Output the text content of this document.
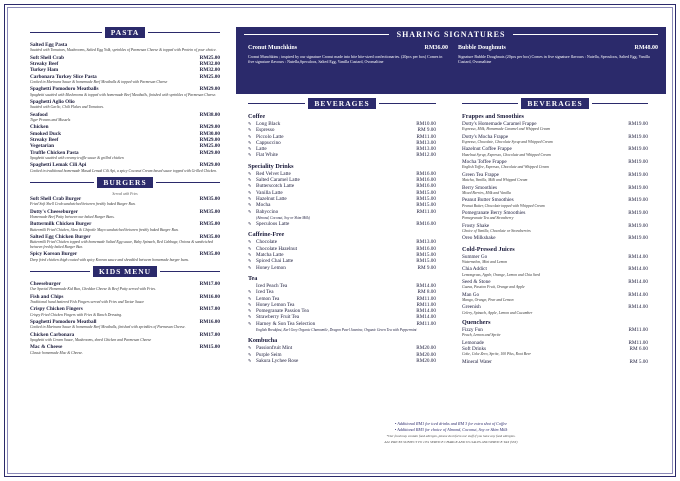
PASTA
Salted Egg Pasta
Sautéed with Tomatoes, Mushrooms, Salted Egg Yolk, sprinkles of Parmesan Cheese & topped with Protein of your choice.
Soft Shell Crab	RM25.00
Streaky Beef	RM32.00
Turkey Ham	RM32.00
Carbonara Turkey Slice Pasta	RM25.00
Cooked in Marinara Sauce & homemade Beef Meatballs & topped with Parmesan Cheese
Spaghetti Pomodoro Meatballs	RM29.00
Spaghetti sautéed with Mushrooms & topped with homemade Beef Meatballs, finished with sprinkles of Parmesan Cheese.
Spaghetti Aglio Olio
Sautéed with Garlic, Chili Flakes and Tomatoes.
Seafood	RM38.00
Tiger Prawns and Mussels
Chicken	RM29.00
Smoked Duck	RM30.00
Streaky Beef	RM29.00
Vegetarian	RM25.00
Truffle Chicken Pasta	RM29.00
Spaghetti sautéed with creamy truffle sauce & grilled chicken
Spaghetti Lemak Cili Api	RM29.00
Cooked in traditional homemade Masak Lemak Cili Api, a spicy Coconut Cream based sauce topped with Grilled Chicken.
BURGERS
Served with Fries
Soft Shell Crab Burger	RM35.00
Fried Soft Shell Crab sandwiched between freshly baked Burger Bun.
Dotty's Cheeseburger	RM35.00
Homemade Beef Patty between our baked Burger Buns.
Buttermilk Chicken Burger	RM35.00
Buttermilk Fried Chicken, Slaw & Chipotle Mayo sandwiched between freshly baked Burger Bun.
Salted Egg Chicken Burger	RM35.00
Buttermilk Fried Chicken topped with homemade Salted Egg sauce, Baby Spinach, Red Cabbage, Onions & sandwiched between freshly baked Burger Bun.
Spicy Korean Burger	RM35.00
Deep fried chicken thigh coated with spicy Korean sauce and shredded between homemade burger buns.
KIDS MENU
Cheeseburger	RM17.00
Our Special Homemade Kid Bun, Cheddar Cheese & Beef Patty served with Fries.
Fish and Chips	RM16.00
Traditional hand battered Fish Fingers served with Fries and Tartar Sauce
Crispy Chicken Fingers	RM17.00
Crispy Fried Chicken Fingers with Fries & Ranch Dressing.
Spaghetti Pomodoro Meatball	RM16.00
Cooked in Marinara Sauce & homemade Beef Meatballs, finished with sprinkles of Parmesan Cheese.
Chicken Carbonara	RM17.00
Spaghetti with Cream Sauce, Mushrooms, shred Chicken and Parmesan Cheese
Mac & Cheese	RM15.00
Classic homemade Mac & Cheese.
SHARING SIGNATURES
Cronut Munchkins	RM36.00
Cronut Munchkins ; inspired by our signature Cronut made into bite bite-sized confectionaries. (20pcs per box) Comes in five signature flavours : Nutella,Speculoos, Salted Egg, Vanilla Custard, Ovomaltine
Bubble Doughnuts	RM48.00
Signature Bubble Doughnuts (20pcs per box) Comes in five signature flavours : Nutella, Speculoos, Salted Egg, Vanilla Custard, Ovomaltine
BEVERAGES
Coffee
✎ Long Black	RM10.00
✎ Espresso	RM 9.00
✎ Piccolo Latte	RM11.00
✎ Cappuccino	RM13.00
✎ Latte	RM13.00
✎ Flat White	RM12.00
Speciality Drinks
✎ Red Velvet Latte	RM16.00
✎ Salted Caramel Latte	RM16.00
✎ Butterscotch Latte	RM16.00
✎ Vanilla Latte	RM15.00
✎ Hazelnut Latte	RM15.00
✎ Mocha	RM15.00
✎ Babyccino	RM11.00
(Almond, Coconut, Soy or Skim Milk)
✎ Speculoos Latte	RM16.00
Caffeine-Free
✎ Chocolate	RM13.00
✎ Chocolate Hazelnut	RM16.00
✎ Matcha Latte	RM15.00
✎ Spiced Chai Latte	RM15.00
✎ Honey Lemon	RM 9.00
Tea
Iced Peach Tea	RM14.00
✎ Iced Tea	RM 8.00
✎ Lemon Tea	RM11.00
✎ Honey Lemon Tea	RM11.00
✎ Pomegranate Passion Tea	RM14.00
✎ Strawberry Fruit Tea	RM14.00
✎ Harney & Son Tea Selection	RM11.00
English Breakfast, Earl Grey Organic Chamomile, Dragon Pearl Jasmine, Organic Green Tea with Peppermint
Kombucha
✎ Passionfruit Mint	RM20.00
✎ Purple Seim	RM20.00
✎ Sakura Lychee Rose	RM20.00
BEVERAGES
Frappes and Smoothies
Dotty's Homemade Caramel Frappe	RM19.00
Espresso, Milk, Homemade Caramel and Whipped Cream
Dotty's Mocha Frappe	RM19.00
Espresso, Chocolate, Chocolate Syrup and Whipped Cream
Hazelnut Coffee Frappe	RM19.00
Hazelnut Syrup, Espresso, Chocolate and Whipped Cream
Mocha Toffee Frappe	RM19.00
English Toffee, Espresso, Chocolate and Whipped Cream
Green Tea Frappe	RM19.00
Matcha, Vanilla, Milk and Whipped Cream
Berry Smoothies	RM19.00
Mixed Berries, Milk and Vanilla
Peanut Butter Smoothies	RM19.00
Peanut Butter, Chocolate topped with Whipped Cream
Pomegranate Berry Smoothies	RM19.00
Pomegranate Tea and Strawberry
Frosty Shake	RM19.00
Choice of Vanilla, Chocolate or Strawberries
Oreo Milkshake	RM19.00
Cold-Pressed Juices
Summer Go	RM14.00
Watermelon, Mint and Lemon
Chia Addict	RM14.00
Lemongrass, Apple, Orange, Lemon and Chia Seed
Seed & Stone	RM14.00
Guava, Passion Fruit, Orange and Apple
Man Go	RM14.00
Mango, Orange, Pear and Lemon
Greenish	RM14.00
Celery, Spinach, Apple, Lemon and Cucumber
Quenchers
Fizzy Fun	RM11.00
Peach, Lemon and Sprite
Lemonade	RM11.00
Soft Drinks	RM 6.00
Coke, Coke Zero, Sprite, 100 Plus, Root Beer
Mineral Water	RM 5.00
• Additional RM1 for iced drinks and RM 3 for extra shot of Coffee
• Additional RM3 for choice of Almond, Coconut, Soy or Skim Milk
*Our food may contain food allergen, please do inform our staff if you have any food allergies.
ALL PRICES SUBJECT TO 10% SERVICE CHARGE AND 6% SALES AND SERVICE TAX (SST)
